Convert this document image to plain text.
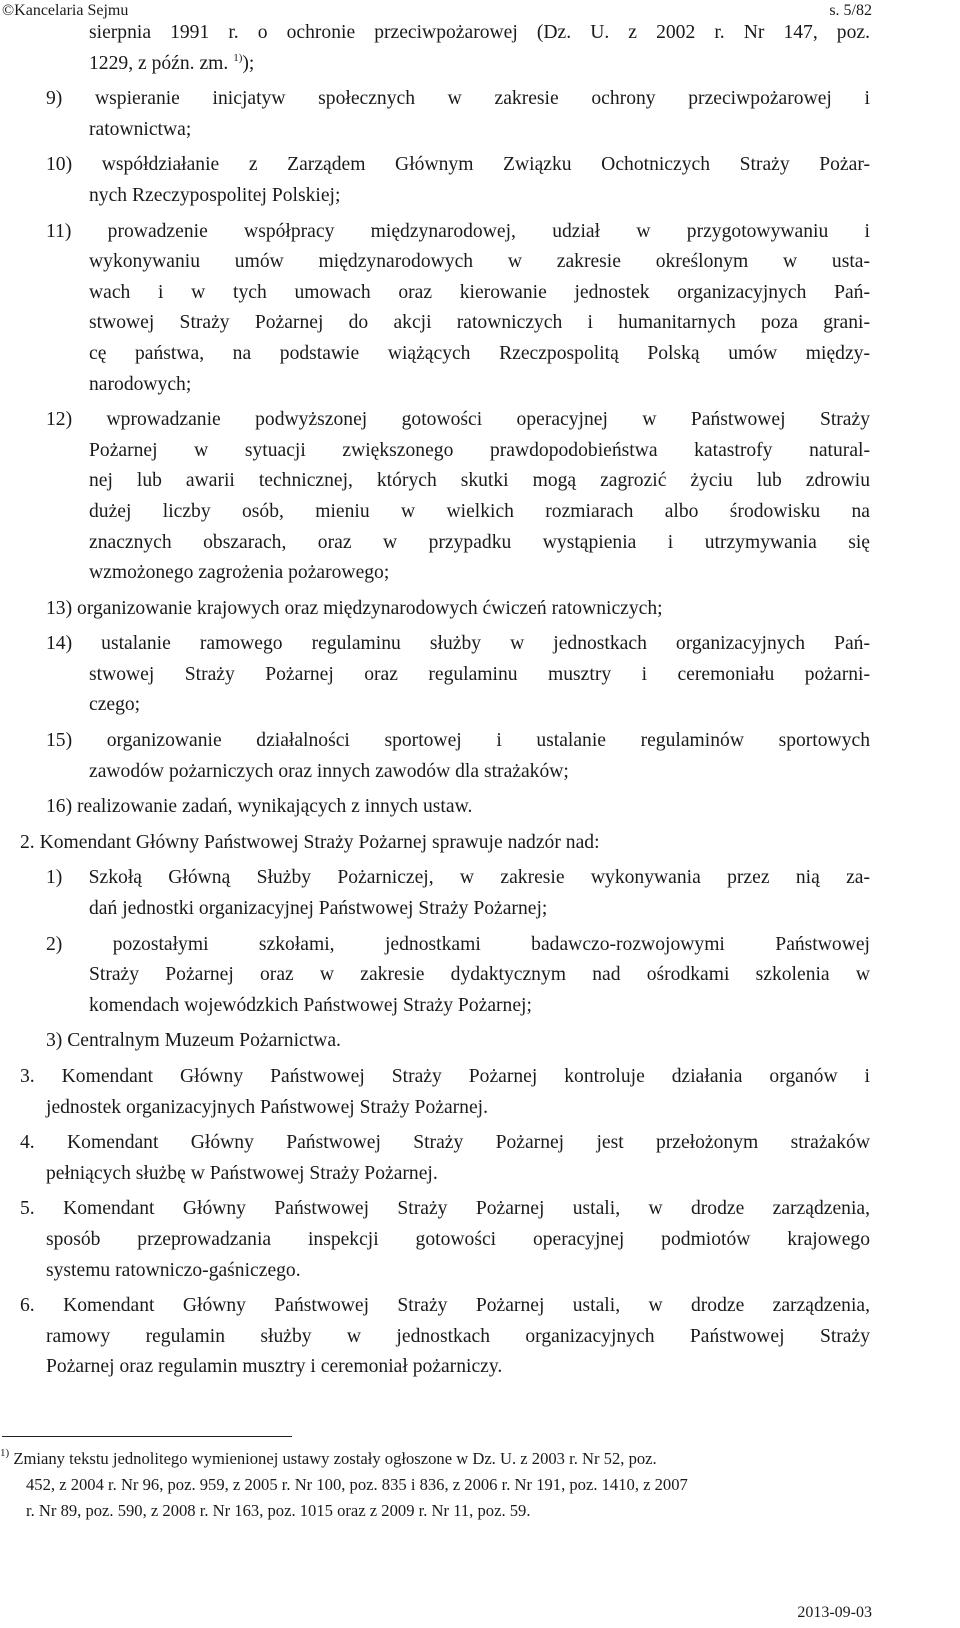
©Kancelaria Sejmu	s. 5/82
sierpnia 1991 r. o ochronie przeciwpożarowej (Dz. U. z 2002 r. Nr 147, poz.
1229, z późn. zm. $^{1)}$);
9) wspieranie inicjatyw społecznych w zakresie ochrony przeciwpożarowej i
ratownictwa;
10) współdziałanie z Zarządem Głównym Związku Ochotniczych Straży Pożar-
nych Rzeczypospolitej Polskiej;
11) prowadzenie współpracy międzynarodowej, udział w przygotowywaniu i
wykonywaniu umów międzynarodowych w zakresie określonym w usta-
wach i w tych umowach oraz kierowanie jednostek organizacyjnych Pań-
stwowej Straży Pożarnej do akcji ratowniczych i humanitarnych poza grani-
cę państwa, na podstawie wiążących Rzeczpospolitą Polską umów między-
narodowych;
12) wprowadzanie podwyższonej gotowości operacyjnej w Państwowej Straży
Pożarnej w sytuacji zwiększonego prawdopodobieństwa katastrofy natural-
nej lub awarii technicznej, których skutki mogą zagrozić życiu lub zdrowiu
dużej liczby osób, mieniu w wielkich rozmiarach albo środowisku na
znacznych obszarach, oraz w przypadku wystąpienia i utrzymywania się
wzmożonego zagrożenia pożarowego;
13) organizowanie krajowych oraz międzynarodowych ćwiczeń ratowniczych;
14) ustalanie ramowego regulaminu służby w jednostkach organizacyjnych Pań-
stwowej Straży Pożarnej oraz regulaminu musztry i ceremoniału pożarni-
czego;
15) organizowanie działalności sportowej i ustalanie regulaminów sportowych
zawodów pożarniczych oraz innych zawodów dla strażaków;
16) realizowanie zadań, wynikających z innych ustaw.
2. Komendant Główny Państwowej Straży Pożarnej sprawuje nadzór nad:
1) Szkołą Główną Służby Pożarniczej, w zakresie wykonywania przez nią za-
dań jednostki organizacyjnej Państwowej Straży Pożarnej;
2) pozostałymi szkołami, jednostkami badawczo-rozwojowymi Państwowej
Straży Pożarnej oraz w zakresie dydaktycznym nad ośrodkami szkolenia w
komendach wojewódzkich Państwowej Straży Pożarnej;
3) Centralnym Muzeum Pożarnictwa.
3. Komendant Główny Państwowej Straży Pożarnej kontroluje działania organów i
jednostek organizacyjnych Państwowej Straży Pożarnej.
4. Komendant Główny Państwowej Straży Pożarnej jest przełożonym strażaków
pełniących służbę w Państwowej Straży Pożarnej.
5. Komendant Główny Państwowej Straży Pożarnej ustali, w drodze zarządzenia,
sposób przeprowadzania inspekcji gotowości operacyjnej podmiotów krajowego
systemu ratowniczo-gaśniczego.
6. Komendant Główny Państwowej Straży Pożarnej ustali, w drodze zarządzenia,
ramowy regulamin służby w jednostkach organizacyjnych Państwowej Straży
Pożarnej oraz regulamin musztry i ceremoniał pożarniczy.
$^{1)}$ Zmiany tekstu jednolitego wymienionej ustawy zostały ogłoszone w Dz. U. z 2003 r. Nr 52, poz.
452, z 2004 r. Nr 96, poz. 959, z 2005 r. Nr 100, poz. 835 i 836, z 2006 r. Nr 191, poz. 1410, z 2007
r. Nr 89, poz. 590, z 2008 r. Nr 163, poz. 1015 oraz z 2009 r. Nr 11, poz. 59.
2013-09-03
